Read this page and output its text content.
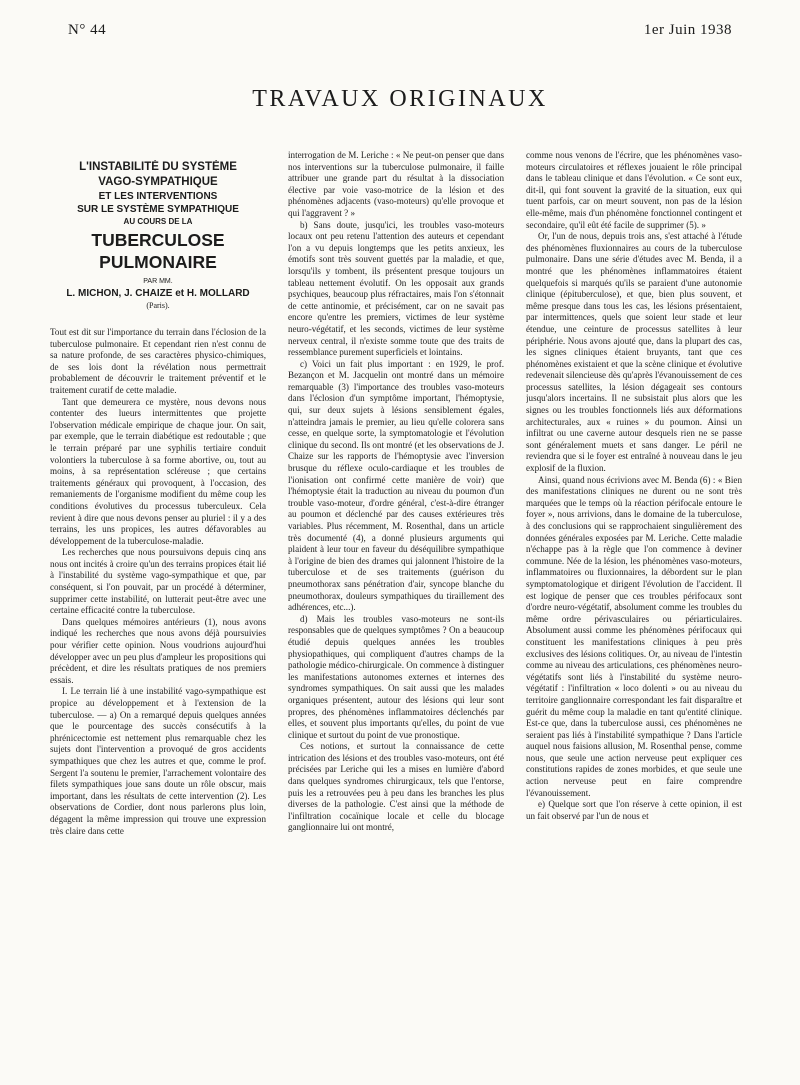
N° 44	1er Juin 1938
TRAVAUX ORIGINAUX
L'INSTABILITÉ DU SYSTÈME
VAGO-SYMPATHIQUE
ET LES INTERVENTIONS
SUR LE SYSTÈME SYMPATHIQUE
AU COURS DE LA
TUBERCULOSE PULMONAIRE
PAR MM.
L. MICHON, J. CHAIZE et H. MOLLARD
(Paris).

Tout est dit sur l'importance du terrain dans l'éclosion de la tuberculose pulmonaire. Et cependant rien n'est connu de sa nature profonde, de ses caractères physico-chimiques, de ses lois dont la révélation nous permettrait probablement de découvrir le traitement préventif et le traitement curatif de cette maladie.

Tant que demeurera ce mystère, nous devons nous contenter des lueurs intermittentes que projette l'observation médicale empirique de chaque jour. On sait, par exemple, que le terrain diabétique est redoutable ; que le terrain préparé par une syphilis tertiaire conduit volontiers la tuberculose à sa forme abortive, ou, tout au moins, à sa représentation scléreuse ; que certains traitements généraux qui provoquent, à l'occasion, des remaniements de l'organisme modifient du même coup les conditions évolutives du processus tuberculeux. Cela revient à dire que nous devons penser au pluriel : il y a des terrains, les uns propices, les autres défavorables au développement de la tuberculose-maladie.

Les recherches que nous poursuivons depuis cinq ans nous ont incités à croire qu'un des terrains propices était lié à l'instabilité du système vago-sympathique et que, par conséquent, si l'on pouvait, par un procédé à déterminer, supprimer cette instabilité, on lutterait peut-être avec une certaine efficacité contre la tuberculose.

Dans quelques mémoires antérieurs (1), nous avons indiqué les recherches que nous avons déjà poursuivies pour vérifier cette opinion. Nous voudrions aujourd'hui développer avec un peu plus d'ampleur les propositions qui précèdent, et dire les résultats pratiques de nos premiers essais.

I. Le terrain lié à une instabilité vago-sympathique est propice au développement et à l'extension de la tuberculose. — a) On a remarqué depuis quelques années que le pourcentage des succès consécutifs à la phrénicectomie est nettement plus remarquable chez les sujets dont l'intervention a provoqué de gros accidents sympathiques que chez les autres et que, comme le prof. Sergent l'a soutenu le premier, l'arrachement volontaire des filets sympathiques joue sans doute un rôle obscur, mais important, dans les résultats de cette intervention (2). Les observations de Cordier, dont nous parlerons plus loin, dégagent la même impression qui trouve une expression très claire dans cette

interrogation de M. Leriche : « Ne peut-on penser que dans nos interventions sur la tuberculose pulmonaire, il faille attribuer une grande part du résultat à la dissociation élective par voie vaso-motrice de la lésion et des phénomènes adjacents (vaso-moteurs) qu'elle provoque et qui l'aggravent ? »

b) Sans doute, jusqu'ici, les troubles vaso-moteurs locaux ont peu retenu l'attention des auteurs et cependant l'on a vu depuis longtemps que les petits anxieux, les émotifs sont très souvent guettés par la maladie, et que, lorsqu'ils y tombent, ils présentent presque toujours un tableau nettement évolutif. On les opposait aux grands psychiques, beaucoup plus réfractaires, mais l'on s'étonnait de cette antinomie, et précisément, car on ne savait pas encore qu'entre les premiers, victimes de leur système neuro-végétatif, et les seconds, victimes de leur système nerveux central, il n'existe somme toute que des traits de ressemblance purement superficiels et lointains.

c) Voici un fait plus important : en 1929, le prof. Bezançon et M. Jacquelin ont montré dans un mémoire remarquable (3) l'importance des troubles vaso-moteurs dans l'éclosion d'un symptôme important, l'hémoptysie, qui, sur deux sujets à lésions sensiblement égales, n'atteindra jamais le premier, au lieu qu'elle colorera sans cesse, en quelque sorte, la symptomatologie et l'évolution clinique du second. Ils ont montré (et les observations de J. Chaize sur les rapports de l'hémoptysie avec l'inversion brusque du réflexe oculo-cardiaque et les troubles de l'ionisation ont confirmé cette manière de voir) que l'hémoptysie était la traduction au niveau du poumon d'un trouble vaso-moteur, d'ordre général, c'est-à-dire étranger au poumon et déclenché par des causes extérieures très variables. Plus récemment, M. Rosenthal, dans un article très documenté (4), a donné plusieurs arguments qui plaident à leur tour en faveur du déséquilibre sympathique à l'origine de bien des drames qui jalonnent l'histoire de la tuberculose et de ses traitements (guérison du pneumothorax sans pénétration d'air, syncope blanche du pneumothorax, douleurs sympathiques du tiraillement des adhérences, etc...).

d) Mais les troubles vaso-moteurs ne sont-ils responsables que de quelques symptômes ? On a beaucoup étudié depuis quelques années les troubles physiopathiques, qui compliquent d'autres champs de la pathologie médico-chirurgicale. On commence à distinguer les manifestations autonomes externes et internes des syndromes sympathiques. On sait aussi que les malades organiques présentent, autour des lésions qui leur sont propres, des phénomènes inflammatoires déclenchés par elles, et souvent plus importants qu'elles, du point de vue clinique et surtout du point de vue pronostique.

Ces notions, et surtout la connaissance de cette intrication des lésions et des troubles vaso-moteurs, ont été précisées par Leriche qui les a mises en lumière d'abord dans quelques syndromes chirurgicaux, tels que l'entorse, puis les a retrouvées peu à peu dans les branches les plus diverses de la pathologie. C'est ainsi que la méthode de l'infiltration cocaïnique locale et celle du blocage ganglionnaire lui ont montré,

comme nous venons de l'écrire, que les phénomènes vaso-moteurs circulatoires et réflexes jouaient le rôle principal dans le tableau clinique et dans l'évolution. « Ce sont eux, dit-il, qui font souvent la gravité de la situation, eux qui tuent parfois, car on meurt souvent, non pas de la lésion elle-même, mais d'un phénomène fonctionnel contingent et secondaire, qu'il eût été facile de supprimer (5). »

Or, l'un de nous, depuis trois ans, s'est attaché à l'étude des phénomènes fluxionnaires au cours de la tuberculose pulmonaire. Dans une série d'études avec M. Benda, il a montré que les phénomènes inflammatoires étaient quelquefois si marqués qu'ils se paraient d'une autonomie clinique (épituberculose), et que, bien plus souvent, et même presque dans tous les cas, les lésions présentaient, par intermittences, quels que soient leur stade et leur étendue, une ceinture de processus satellites à leur périphérie. Nous avons ajouté que, dans la plupart des cas, les signes cliniques étaient bruyants, tant que ces phénomènes existaient et que la scène clinique et évolutive redevenait silencieuse dès qu'après l'évanouissement de ces processus satellites, la lésion dégageait ses contours jusqu'alors incertains. Il ne subsistait plus alors que les signes ou les troubles fonctionnels liés aux déformations architecturales, aux « ruines » du poumon. Ainsi un infiltrat ou une caverne autour desquels rien ne se passe sont généralement muets et sans danger. Le péril ne reviendra que si le foyer est entraîné à nouveau dans le jeu explosif de la fluxion.

Ainsi, quand nous écrivions avec M. Benda (6) : « Bien des manifestations cliniques ne durent ou ne sont très marquées que le temps où la réaction périfocale entoure le foyer », nous arrivions, dans le domaine de la tuberculose, à des conclusions qui se rapprochaient singulièrement des données générales exposées par M. Leriche. Cette maladie n'échappe pas à la règle que l'on commence à deviner commune. Née de la lésion, les phénomènes vaso-moteurs, inflammatoires ou fluxionnaires, la débordent sur le plan symptomatologique et dirigent l'évolution de l'accident. Il est logique de penser que ces troubles périfocaux sont d'ordre neuro-végétatif, absolument comme les troubles du même ordre périvasculaires ou périarticulaires. Absolument aussi comme les phénomènes périfocaux qui constituent les manifestations cliniques à peu près exclusives des lésions colitiques. Or, au niveau de l'intestin comme au niveau des articulations, ces phénomènes neuro-végétatifs sont liés à l'instabilité du système neuro-végétatif : l'infiltration « loco dolenti » ou au niveau du territoire ganglionnaire correspondant les fait disparaître et guérit du même coup la maladie en tant qu'entité clinique. Est-ce que, dans la tuberculose aussi, ces phénomènes ne seraient pas liés à l'instabilité sympathique ? Dans l'article auquel nous faisions allusion, M. Rosenthal pense, comme nous, que seule une action nerveuse peut expliquer ces constitutions rapides de zones morbides, et que seule une action nerveuse peut en faire comprendre l'évanouissement.

e) Quelque sort que l'on réserve à cette opinion, il est un fait observé par l'un de nous et
